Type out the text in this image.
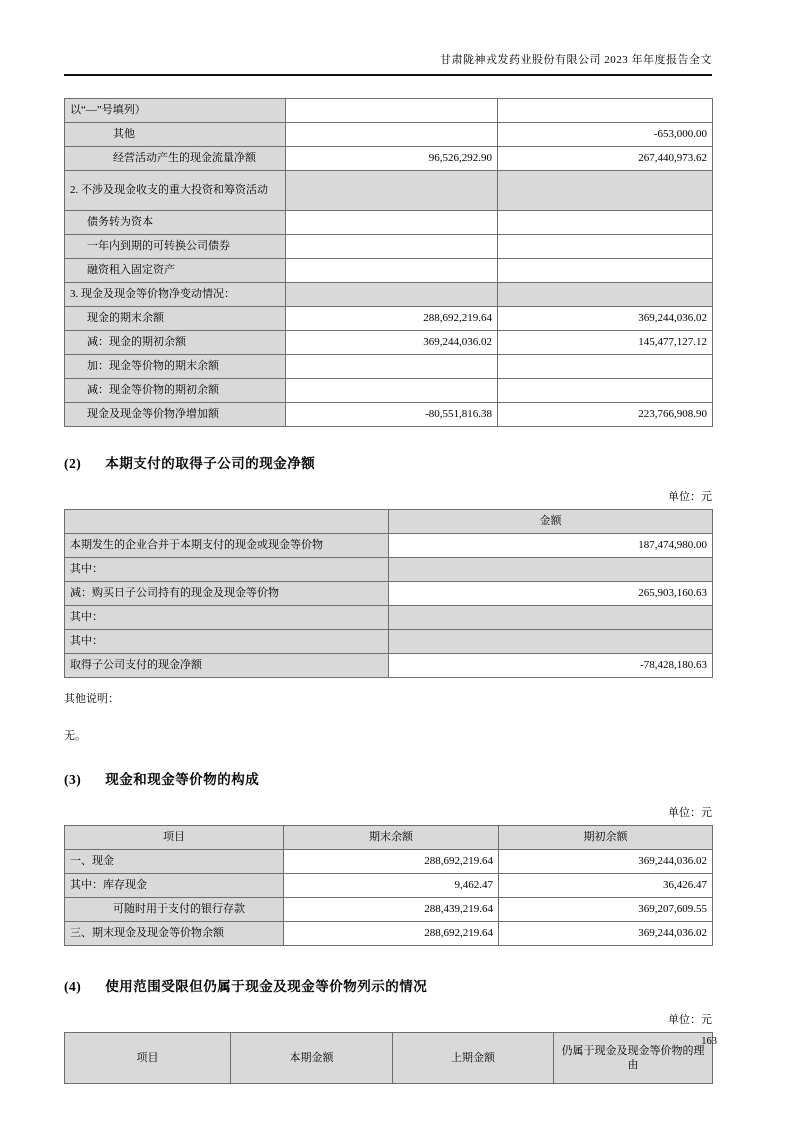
甘肃陇神戎发药业股份有限公司 2023 年年度报告全文
以“—”号填列）		
其他		-653,000.00
经营活动产生的现金流量净额	96,526,292.90	267,440,973.62
2. 不涉及现金收支的重大投资和筹资活动		
债务转为资本		
一年内到期的可转换公司债券		
融资租入固定资产		
3. 现金及现金等价物净变动情况：		
现金的期末余额	288,692,219.64	369,244,036.02
减：现金的期初余额	369,244,036.02	145,477,127.12
加：现金等价物的期末余额		
减：现金等价物的期初余额		
现金及现金等价物净增加额	-80,551,816.38	223,766,908.90
(2) 本期支付的取得子公司的现金净额
单位：元
	金额
本期发生的企业合并于本期支付的现金或现金等价物	187,474,980.00
其中：	
减：购买日子公司持有的现金及现金等价物	265,903,160.63
其中：	
其中：	
取得子公司支付的现金净额	-78,428,180.63
其他说明：
无。
(3) 现金和现金等价物的构成
单位：元
项目	期末余额	期初余额
一、现金	288,692,219.64	369,244,036.02
其中：库存现金	9,462.47	36,426.47
可随时用于支付的银行存款	288,439,219.64	369,207,609.55
三、期末现金及现金等价物余额	288,692,219.64	369,244,036.02
(4) 使用范围受限但仍属于现金及现金等价物列示的情况
单位：元
项目	本期金额	上期金额	仍属于现金及现金等价物的理由
163
